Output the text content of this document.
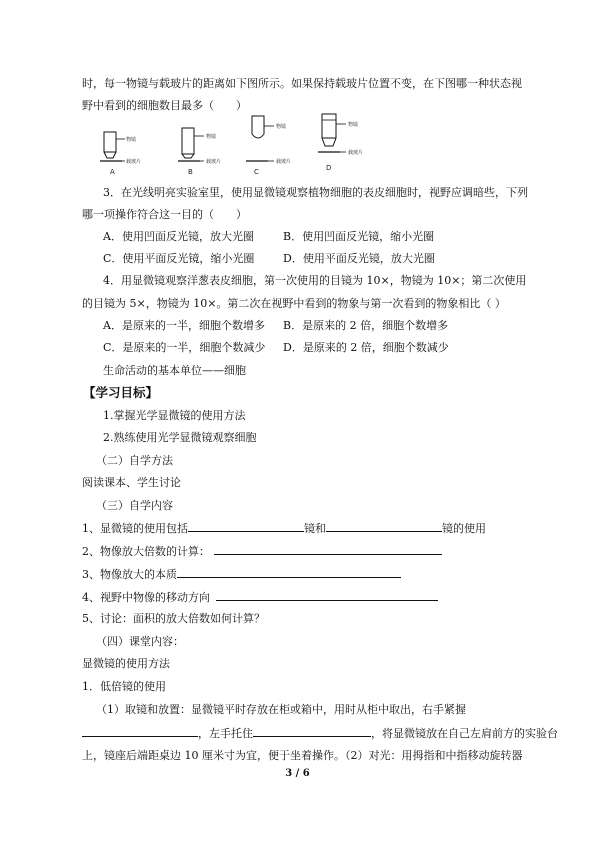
时，每一物镜与载玻片的距离如下图所示。如果保持载玻片位置不变，在下图哪一种状态视
野中看到的细胞数目最多（　　）
物镜
载玻片
A
物镜
载玻片
B
物镜
载玻片
C
物镜
载玻片
D
3．在光线明亮实验室里，使用显微镜观察植物细胞的表皮细胞时，视野应调暗些，下列
哪一项操作符合这一目的（　　）
A．使用凹面反光镜，放大光圈	B．使用凹面反光镜，缩小光圈
C．使用平面反光镜，缩小光圈	D．使用平面反光镜，放大光圈
4．用显微镜观察洋葱表皮细胞，第一次使用的目镜为 10×，物镜为 10×；第二次使用
的目镜为 5×，物镜为 10×。第二次在视野中看到的物象与第一次看到的物象相比（ ）
A．是原来的一半，细胞个数增多 B．是原来的 2 倍，细胞个数增多
C．是原来的一半，细胞个数减少 D．是原来的 2 倍，细胞个数减少
生命活动的基本单位——细胞
【学习目标】
1.掌握光学显微镜的使用方法
2.熟练使用光学显微镜观察细胞
（二）自学方法
阅读课本、学生讨论
（三）自学内容
1、显微镜的使用包括	镜和	镜的使用
2、物像放大倍数的计算：
3、物像放大的本质
4、视野中物像的移动方向
5、讨论：面积的放大倍数如何计算？
（四）课堂内容：
显微镜的使用方法
1．低倍镜的使用
（1）取镜和放置：显微镜平时存放在柜或箱中，用时从柜中取出，右手紧握
，左手托住	，将显微镜放在自己左肩前方的实验台
上，镜座后端距桌边 10 厘米寸为宜，便于坐着操作。（2）对光：用拇指和中指移动旋转器
3 / 6
